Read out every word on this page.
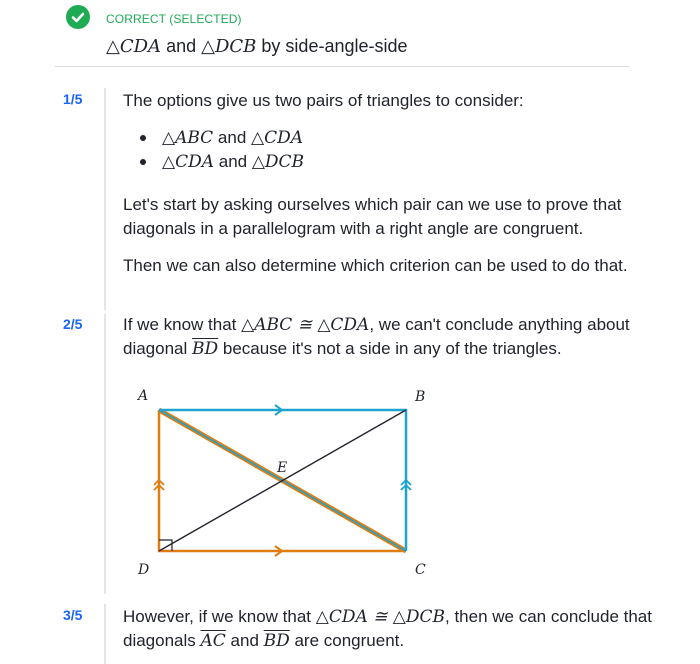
CORRECT (SELECTED)
△CDA and △DCB by side-angle-side
1/5 The options give us two pairs of triangles to consider:

△ABC and △CDA
△CDA and △DCB

Let's start by asking ourselves which pair can we use to prove that diagonals in a parallelogram with a right angle are congruent.

Then we can also determine which criterion can be used to do that.

2/5 If we know that △ABC ≅ △CDA, we can't conclude anything about diagonal $\overline{BD}$ because it's not a side in any of the triangles.

A	B
C
D
E
3/5 However, if we know that △CDA ≅ △DCB, then we can conclude that diagonals $\overline{AC}$ and $\overline{BD}$ are congruent.
